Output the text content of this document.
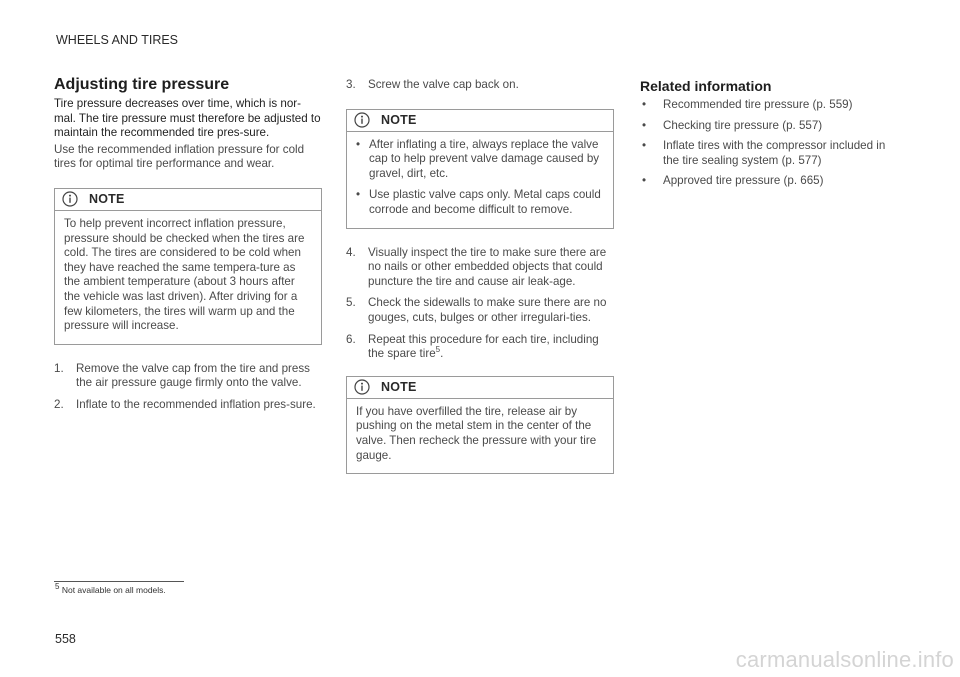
WHEELS AND TIRES
Adjusting tire pressure

Tire pressure decreases over time, which is nor-mal. The tire pressure must therefore be adjusted to maintain the recommended tire pres-sure.

Use the recommended inflation pressure for cold tires for optimal tire performance and wear.

NOTE
To help prevent incorrect inflation pressure, pressure should be checked when the tires are cold. The tires are considered to be cold when they have reached the same tempera-ture as the ambient temperature (about 3 hours after the vehicle was last driven). After driving for a few kilometers, the tires will warm up and the pressure will increase.
1.	Remove the valve cap from the tire and press the air pressure gauge firmly onto the valve.
2.	Inflate to the recommended inflation pres-sure.
3.	Screw the valve cap back on.
NOTE
• After inflating a tire, always replace the valve cap to help prevent valve damage caused by gravel, dirt, etc.
• Use plastic valve caps only. Metal caps could corrode and become difficult to remove.
4.	Visually inspect the tire to make sure there are no nails or other embedded objects that could puncture the tire and cause air leak-age.
5.	Check the sidewalls to make sure there are no gouges, cuts, bulges or other irregulari-ties.
6.	Repeat this procedure for each tire, including the spare tire$^5$.
NOTE
If you have overfilled the tire, release air by pushing on the metal stem in the center of the valve. Then recheck the pressure with your tire gauge.
Related information
• Recommended tire pressure (p. 559)
• Checking tire pressure (p. 557)
• Inflate tires with the compressor included in the tire sealing system (p. 577)
• Approved tire pressure (p. 665)
$^5$ Not available on all models.
558
carmanualsonline.info
